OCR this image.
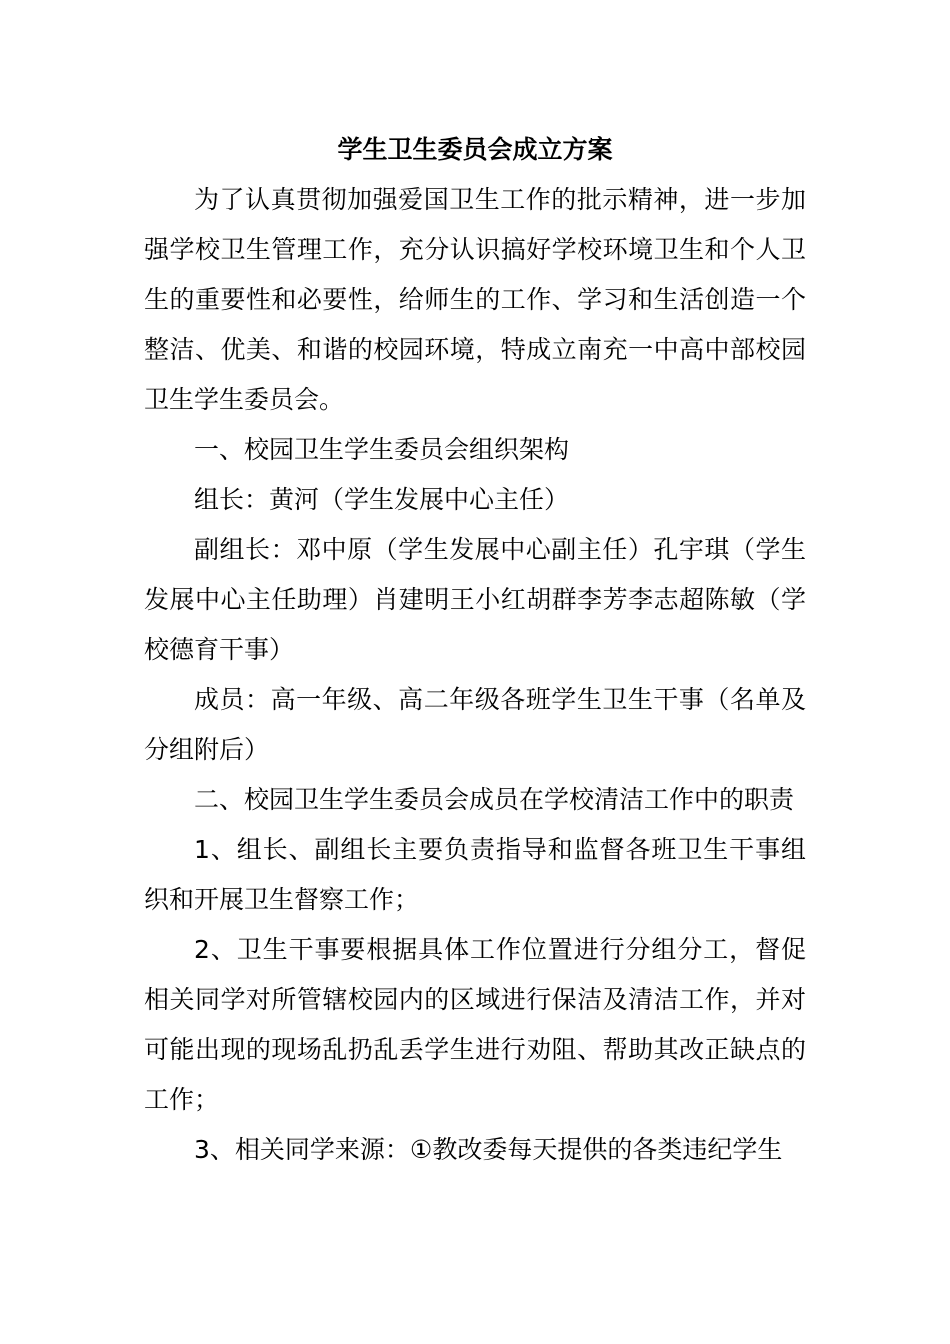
学生卫生委员会成立方案

为了认真贯彻加强爱国卫生工作的批示精神，进一步加强学校卫生管理工作，充分认识搞好学校环境卫生和个人卫生的重要性和必要性，给师生的工作、学习和生活创造一个整洁、优美、和谐的校园环境，特成立南充一中高中部校园卫生学生委员会。

一、校园卫生学生委员会组织架构

组长：黄河（学生发展中心主任）

副组长：邓中原（学生发展中心副主任）孔宇琪（学生发展中心主任助理）肖建明王小红胡群李芳李志超陈敏（学校德育干事）

成员：高一年级、高二年级各班学生卫生干事（名单及分组附后）

二、校园卫生学生委员会成员在学校清洁工作中的职责

1、组长、副组长主要负责指导和监督各班卫生干事组织和开展卫生督察工作；

2、卫生干事要根据具体工作位置进行分组分工，督促相关同学对所管辖校园内的区域进行保洁及清洁工作，并对可能出现的现场乱扔乱丢学生进行劝阻、帮助其改正缺点的工作；

3、相关同学来源：①教改委每天提供的各类违纪学生
